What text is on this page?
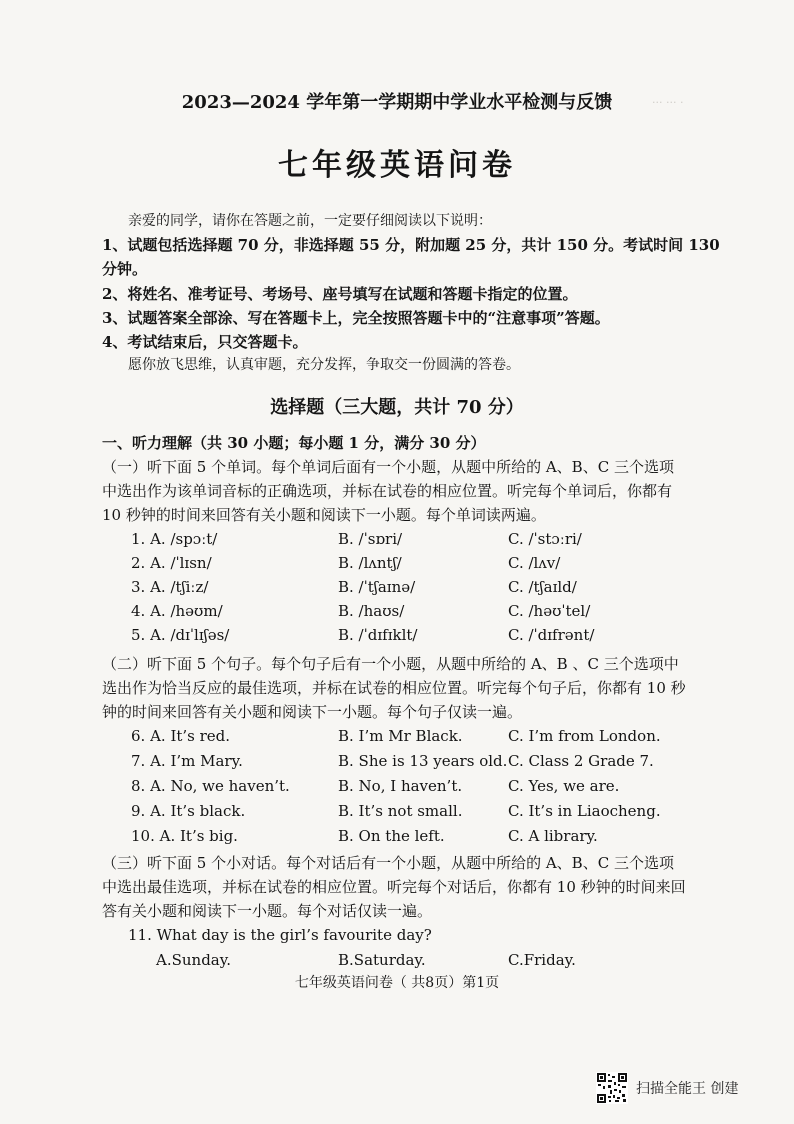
··· ··· ·
2023—2024 学年第一学期期中学业水平检测与反馈
七年级英语问卷
亲爱的同学，请你在答题之前，一定要仔细阅读以下说明：
1、试题包括选择题 70 分，非选择题 55 分，附加题 25 分，共计 150 分。考试时间 130
分钟。
2、将姓名、准考证号、考场号、座号填写在试题和答题卡指定的位置。
3、试题答案全部涂、写在答题卡上，完全按照答题卡中的“注意事项”答题。
4、考试结束后，只交答题卡。
愿你放飞思维，认真审题，充分发挥，争取交一份圆满的答卷。
选择题（三大题，共计 70 分）
一、听力理解（共 30 小题；每小题 1 分，满分 30 分）
（一）听下面 5 个单词。每个单词后面有一个小题，从题中所给的 A、B、C 三个选项
中选出作为该单词音标的正确选项，并标在试卷的相应位置。听完每个单词后，你都有
10 秒钟的时间来回答有关小题和阅读下一小题。每个单词读两遍。
1. A. /spɔːt/	B. /ˈsɒri/	C. /ˈstɔːri/
2. A. /ˈlɪsn/	B. /lʌntʃ/	C. /lʌv/
3. A. /tʃiːz/	B. /ˈtʃaɪnə/	C. /tʃaɪld/
4. A. /həʊm/	B. /haʊs/	C. /həʊˈtel/
5. A. /dɪˈlɪʃəs/	B. /ˈdɪfɪklt/	C. /ˈdɪfrənt/
（二）听下面 5 个句子。每个句子后有一个小题，从题中所给的 A、B 、C 三个选项中
选出作为恰当反应的最佳选项，并标在试卷的相应位置。听完每个句子后，你都有 10 秒
钟的时间来回答有关小题和阅读下一小题。每个句子仅读一遍。
6. A. It’s red.	B. I’m Mr Black.	C. I’m from London.
7. A. I’m Mary.	B. She is 13 years old. C. Class 2 Grade 7.
8. A. No, we haven’t.	B. No, I haven’t.	C. Yes, we are.
9. A. It’s black.	B. It’s not small.	C. It’s in Liaocheng.
10. A. It’s big.	B. On the left.	C. A library.
（三）听下面 5 个小对话。每个对话后有一个小题，从题中所给的 A、B、C 三个选项
中选出最佳选项，并标在试卷的相应位置。听完每个对话后，你都有 10 秒钟的时间来回
答有关小题和阅读下一小题。每个对话仅读一遍。
11. What day is the girl’s favourite day?
A.Sunday.	B.Saturday.	C.Friday.
七年级英语问卷（ 共8页）第1页
扫描全能王 创建
